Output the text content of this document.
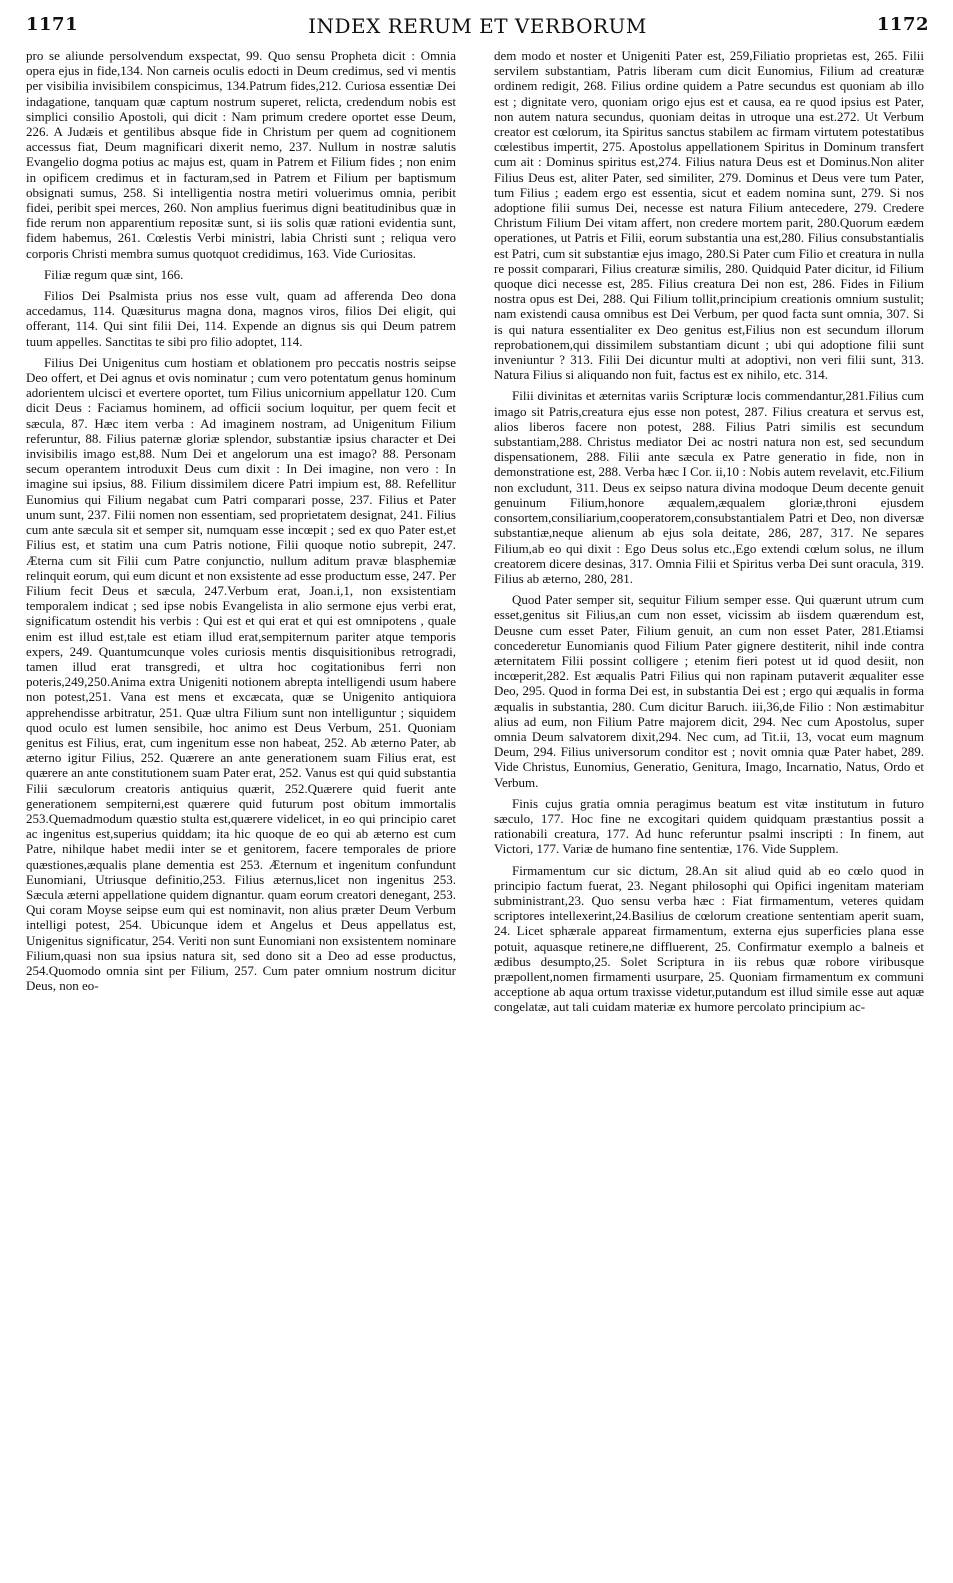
1171	INDEX RERUM ET VERBORUM	1172

pro se aliunde persolvendum exspectat, 99. Quo sensu Propheta dicit : Omnia opera ejus in fide,134. Non carneis oculis edocti in Deum credimus, sed vi mentis per visibilia invisibilem conspicimus, 134.Patrum fides,212. Curiosa essentiæ Dei indagatione, tanquam quæ captum nostrum superet, relicta, credendum nobis est simplici consilio Apostoli, qui dicit : Nam primum credere oportet esse Deum, 226. A Judæis et gentilibus absque fide in Christum per quem ad cognitionem accessus fiat, Deum magnificari dixerit nemo, 237. Nullum in nostræ salutis Evangelio dogma potius ac majus est, quam in Patrem et Filium fides ; non enim in opificem credimus et in facturam,sed in Patrem et Filium per baptismum obsignati sumus, 258. Si intelligentia nostra metiri voluerimus omnia, peribit fidei, peribit spei merces, 260. Non amplius fuerimus digni beatitudinibus quæ in fide rerum non apparentium repositæ sunt, si iis solis quæ rationi evidentia sunt, fidem habemus, 261. Cœlestis Verbi ministri, labia Christi sunt ; reliqua vero corporis Christi membra sumus quotquot credidimus, 163. Vide Curiositas.

Filiæ regum quæ sint, 166.

Filios Dei Psalmista prius nos esse vult, quam ad afferenda Deo dona accedamus, 114. Quæsiturus magna dona, magnos viros, filios Dei eligit, qui offerant, 114. Qui sint filii Dei, 114. Expende an dignus sis qui Deum patrem tuum appelles. Sanctitas te sibi pro filio adoptet, 114.

Filius Dei Unigenitus cum hostiam et oblationem pro peccatis nostris seipse Deo offert, et Dei agnus et ovis nominatur ; cum vero potentatum genus hominum adorientem ulcisci et evertere oportet, tum Filius unicornium appellatur 120. Cum dicit Deus : Faciamus hominem, ad officii socium loquitur, per quem fecit et sæcula, 87. Hæc item verba : Ad imaginem nostram, ad Unigenitum Filium referuntur, 88. Filius paternæ gloriæ splendor, substantiæ ipsius character et Dei invisibilis imago est,88. Num Dei et angelorum una est imago? 88. Personam secum operantem introduxit Deus cum dixit : In Dei imagine, non vero : In imagine sui ipsius, 88. Filium dissimilem dicere Patri impium est, 88. Refellitur Eunomius qui Filium negabat cum Patri comparari posse, 237. Filius et Pater unum sunt, 237. Filii nomen non essentiam, sed proprietatem designat, 241. Filius cum ante sæcula sit et semper sit, numquam esse incœpit ; sed ex quo Pater est,et Filius est, et statim una cum Patris notione, Filii quoque notio subrepit, 247. Æterna cum sit Filii cum Patre conjunctio, nullum aditum pravæ blasphemiæ relinquit eorum, qui eum dicunt et non exsistente ad esse productum esse, 247. Per Filium fecit Deus et sæcula, 247.Verbum erat, Joan.i,1, non exsistentiam temporalem indicat ; sed ipse nobis Evangelista in alio sermone ejus verbi erat, significatum ostendit his verbis : Qui est et qui erat et qui est omnipotens , quale enim est illud est,tale est etiam illud erat,sempiternum pariter atque temporis expers, 249. Quantumcunque voles curiosis mentis disquisitionibus retrogradi, tamen illud erat transgredi, et ultra hoc cogitationibus ferri non poteris,249,250.Anima extra Unigeniti notionem abrepta intelligendi usum habere non potest,251. Vana est mens et excæcata, quæ se Unigenito antiquiora apprehendisse arbitratur, 251. Quæ ultra Filium sunt non intelliguntur ; siquidem quod oculo est lumen sensibile, hoc animo est Deus Verbum, 251. Quoniam genitus est Filius, erat, cum ingenitum esse non habeat, 252. Ab æterno Pater, ab æterno igitur Filius, 252. Quærere an ante generationem suam Filius erat, est quærere an ante constitutionem suam Pater erat, 252. Vanus est qui quid substantia Filii sæculorum creatoris antiquius quærit, 252.Quærere quid fuerit ante generationem sempiterni,est quærere quid futurum post obitum immortalis 253.Quemadmodum quæstio stulta est,quærere videlicet, in eo qui principio caret ac ingenitus est,superius quiddam; ita hic quoque de eo qui ab æterno est cum Patre, nihilque habet medii inter se et genitorem, facere temporales de priore quæstiones,æqualis plane dementia est 253. Æternum et ingenitum confundunt Eunomiani, Utriusque definitio,253. Filius æternus,licet non ingenitus 253. Sæcula æterni appellatione quidem dignantur. quam eorum creatori denegant, 253. Qui coram Moyse seipse eum qui est nominavit, non alius præter Deum Verbum intelligi potest, 254. Ubicunque idem et Angelus et Deus appellatus est, Unigenitus significatur, 254. Veriti non sunt Eunomiani non exsistentem nominare Filium,quasi non sua ipsius natura sit, sed dono sit a Deo ad esse productus, 254.Quomodo omnia sint per Filium, 257. Cum pater omnium nostrum dicitur Deus, non eo-

dem modo et noster et Unigeniti Pater est, 259,Filiatio proprietas est, 265. Filii servilem substantiam, Patris liberam cum dicit Eunomius, Filium ad creaturæ ordinem redigit, 268. Filius ordine quidem a Patre secundus est quoniam ab illo est ; dignitate vero, quoniam origo ejus est et causa, ea re quod ipsius est Pater, non autem natura secundus, quoniam deitas in utroque una est.272. Ut Verbum creator est cœlorum, ita Spiritus sanctus stabilem ac firmam virtutem potestatibus cœlestibus impertit, 275. Apostolus appellationem Spiritus in Dominum transfert cum ait : Dominus spiritus est,274. Filius natura Deus est et Dominus.Non aliter Filius Deus est, aliter Pater, sed similiter, 279. Dominus et Deus vere tum Pater, tum Filius ; eadem ergo est essentia, sicut et eadem nomina sunt, 279. Si nos adoptione filii sumus Dei, necesse est natura Filium antecedere, 279. Credere Christum Filium Dei vitam affert, non credere mortem parit, 280.Quorum eædem operationes, ut Patris et Filii, eorum substantia una est,280. Filius consubstantialis est Patri, cum sit substantiæ ejus imago, 280.Si Pater cum Filio et creatura in nulla re possit comparari, Filius creaturæ similis, 280. Quidquid Pater dicitur, id Filium quoque dici necesse est, 285. Filius creatura Dei non est, 286. Fides in Filium nostra opus est Dei, 288. Qui Filium tollit,principium creationis omnium sustulit; nam existendi causa omnibus est Dei Verbum, per quod facta sunt omnia, 307. Si is qui natura essentialiter ex Deo genitus est,Filius non est secundum illorum reprobationem,qui dissimilem substantiam dicunt ; ubi qui adoptione filii sunt inveniuntur ? 313. Filii Dei dicuntur multi at adoptivi, non veri filii sunt, 313. Natura Filius si aliquando non fuit, factus est ex nihilo, etc. 314.

Filii divinitas et æternitas variis Scripturæ locis commendantur,281.Filius cum imago sit Patris,creatura ejus esse non potest, 287. Filius creatura et servus est, alios liberos facere non potest, 288. Filius Patri similis est secundum substantiam,288. Christus mediator Dei ac nostri natura non est, sed secundum dispensationem, 288. Filii ante sæcula ex Patre generatio in fide, non in demonstratione est, 288. Verba hæc I Cor. ii,10 : Nobis autem revelavit, etc.Filium non excludunt, 311. Deus ex seipso natura divina modoque Deum decente genuit genuinum Filium,honore æqualem,æqualem gloriæ,throni ejusdem consortem,consiliarium,cooperatorem,consubstantialem Patri et Deo, non diversæ substantiæ,neque alienum ab ejus sola deitate, 286, 287, 317. Ne separes Filium,ab eo qui dixit : Ego Deus solus etc.,Ego extendi cœlum solus, ne illum creatorem dicere desinas, 317. Omnia Filii et Spiritus verba Dei sunt oracula, 319. Filius ab æterno, 280, 281.

Quod Pater semper sit, sequitur Filium semper esse. Qui quærunt utrum cum esset,genitus sit Filius,an cum non esset, vicissim ab iisdem quærendum est, Deusne cum esset Pater, Filium genuit, an cum non esset Pater, 281.Etiamsi concederetur Eunomianis quod Filium Pater gignere destiterit, nihil inde contra æternitatem Filii possint colligere ; etenim fieri potest ut id quod desiit, non incœperit,282. Est æqualis Patri Filius qui non rapinam putaverit æqualiter esse Deo, 295. Quod in forma Dei est, in substantia Dei est ; ergo qui æqualis in forma æqualis in substantia, 280. Cum dicitur Baruch. iii,36,de Filio : Non æstimabitur alius ad eum, non Filium Patre majorem dicit, 294. Nec cum Apostolus, super omnia Deum salvatorem dixit,294. Nec cum, ad Tit.ii, 13, vocat eum magnum Deum, 294. Filius universorum conditor est ; novit omnia quæ Pater habet, 289. Vide Christus, Eunomius, Generatio, Genitura, Imago, Incarnatio, Natus, Ordo et Verbum.

Finis cujus gratia omnia peragimus beatum est vitæ institutum in futuro sæculo, 177. Hoc fine ne excogitari quidem quidquam præstantius possit a rationabili creatura, 177. Ad hunc referuntur psalmi inscripti : In finem, aut Victori, 177. Variæ de humano fine sententiæ, 176. Vide Supplem.

Firmamentum cur sic dictum, 28.An sit aliud quid ab eo cœlo quod in principio factum fuerat, 23. Negant philosophi qui Opifici ingenitam materiam subministrant,23. Quo sensu verba hæc : Fiat firmamentum, veteres quidam scriptores intellexerint,24.Basilius de cœlorum creatione sententiam aperit suam, 24. Licet sphærale appareat firmamentum, externa ejus superficies plana esse potuit, aquasque retinere,ne diffluerent, 25. Confirmatur exemplo a balneis et ædibus desumpto,25. Solet Scriptura in iis rebus quæ robore viribusque præpollent,nomen firmamenti usurpare, 25. Quoniam firmamentum ex communi acceptione ab aqua ortum traxisse videtur,putandum est illud simile esse aut aquæ congelatæ, aut tali cuidam materiæ ex humore percolato principium ac-
